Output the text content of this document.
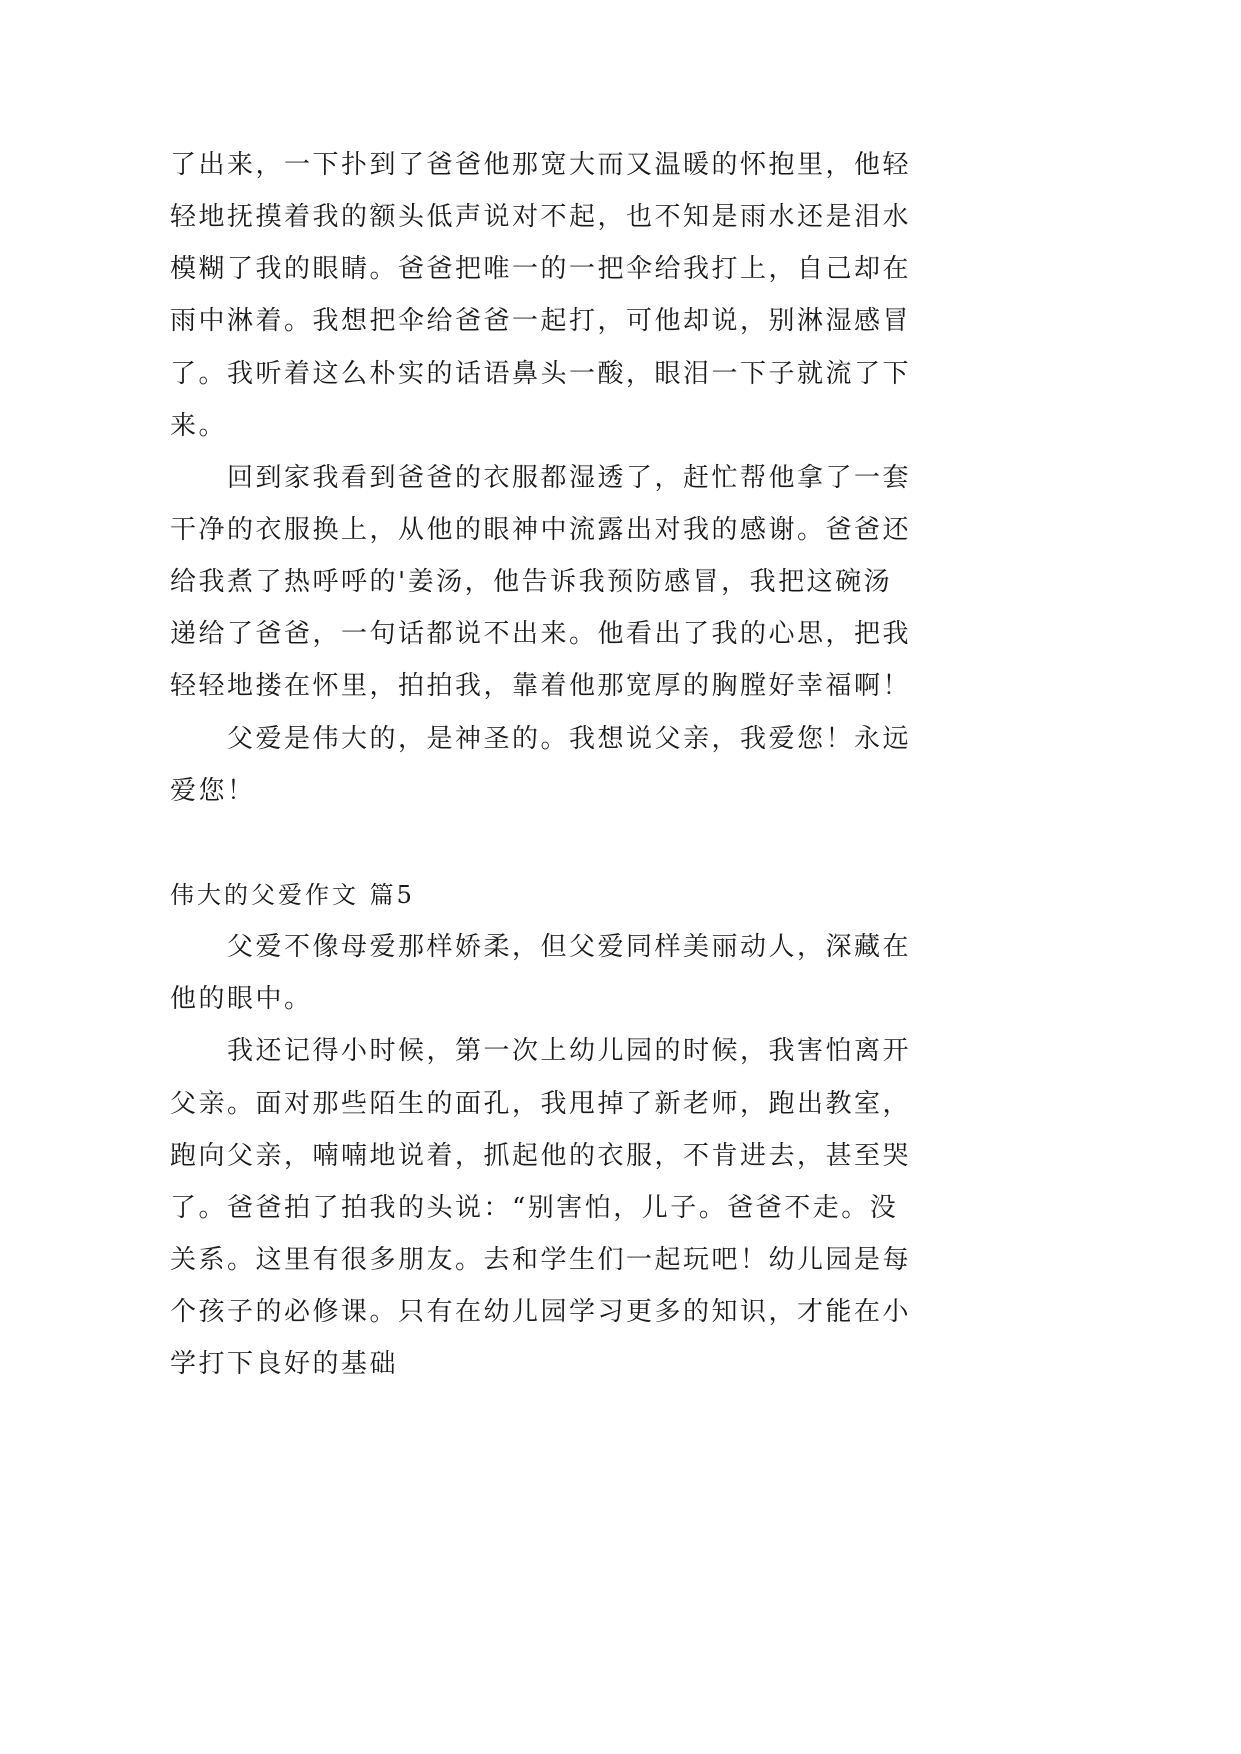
了出来，一下扑到了爸爸他那宽大而又温暖的怀抱里，他轻
轻地抚摸着我的额头低声说对不起，也不知是雨水还是泪水
模糊了我的眼睛。爸爸把唯一的一把伞给我打上，自己却在
雨中淋着。我想把伞给爸爸一起打，可他却说，别淋湿感冒
了。我听着这么朴实的话语鼻头一酸，眼泪一下子就流了下
来。
回到家我看到爸爸的衣服都湿透了，赶忙帮他拿了一套
干净的衣服换上，从他的眼神中流露出对我的感谢。爸爸还
给我煮了热呼呼的'姜汤，他告诉我预防感冒，我把这碗汤
递给了爸爸，一句话都说不出来。他看出了我的心思，把我
轻轻地搂在怀里，拍拍我，靠着他那宽厚的胸膛好幸福啊！
父爱是伟大的，是神圣的。我想说父亲，我爱您！永远
爱您！
伟大的父爱作文 篇5
父爱不像母爱那样娇柔，但父爱同样美丽动人，深藏在
他的眼中。
我还记得小时候，第一次上幼儿园的时候，我害怕离开
父亲。面对那些陌生的面孔，我甩掉了新老师，跑出教室，
跑向父亲，喃喃地说着，抓起他的衣服，不肯进去，甚至哭
了。爸爸拍了拍我的头说：“别害怕，儿子。爸爸不走。没
关系。这里有很多朋友。去和学生们一起玩吧！幼儿园是每
个孩子的必修课。只有在幼儿园学习更多的知识，才能在小
学打下良好的基础
